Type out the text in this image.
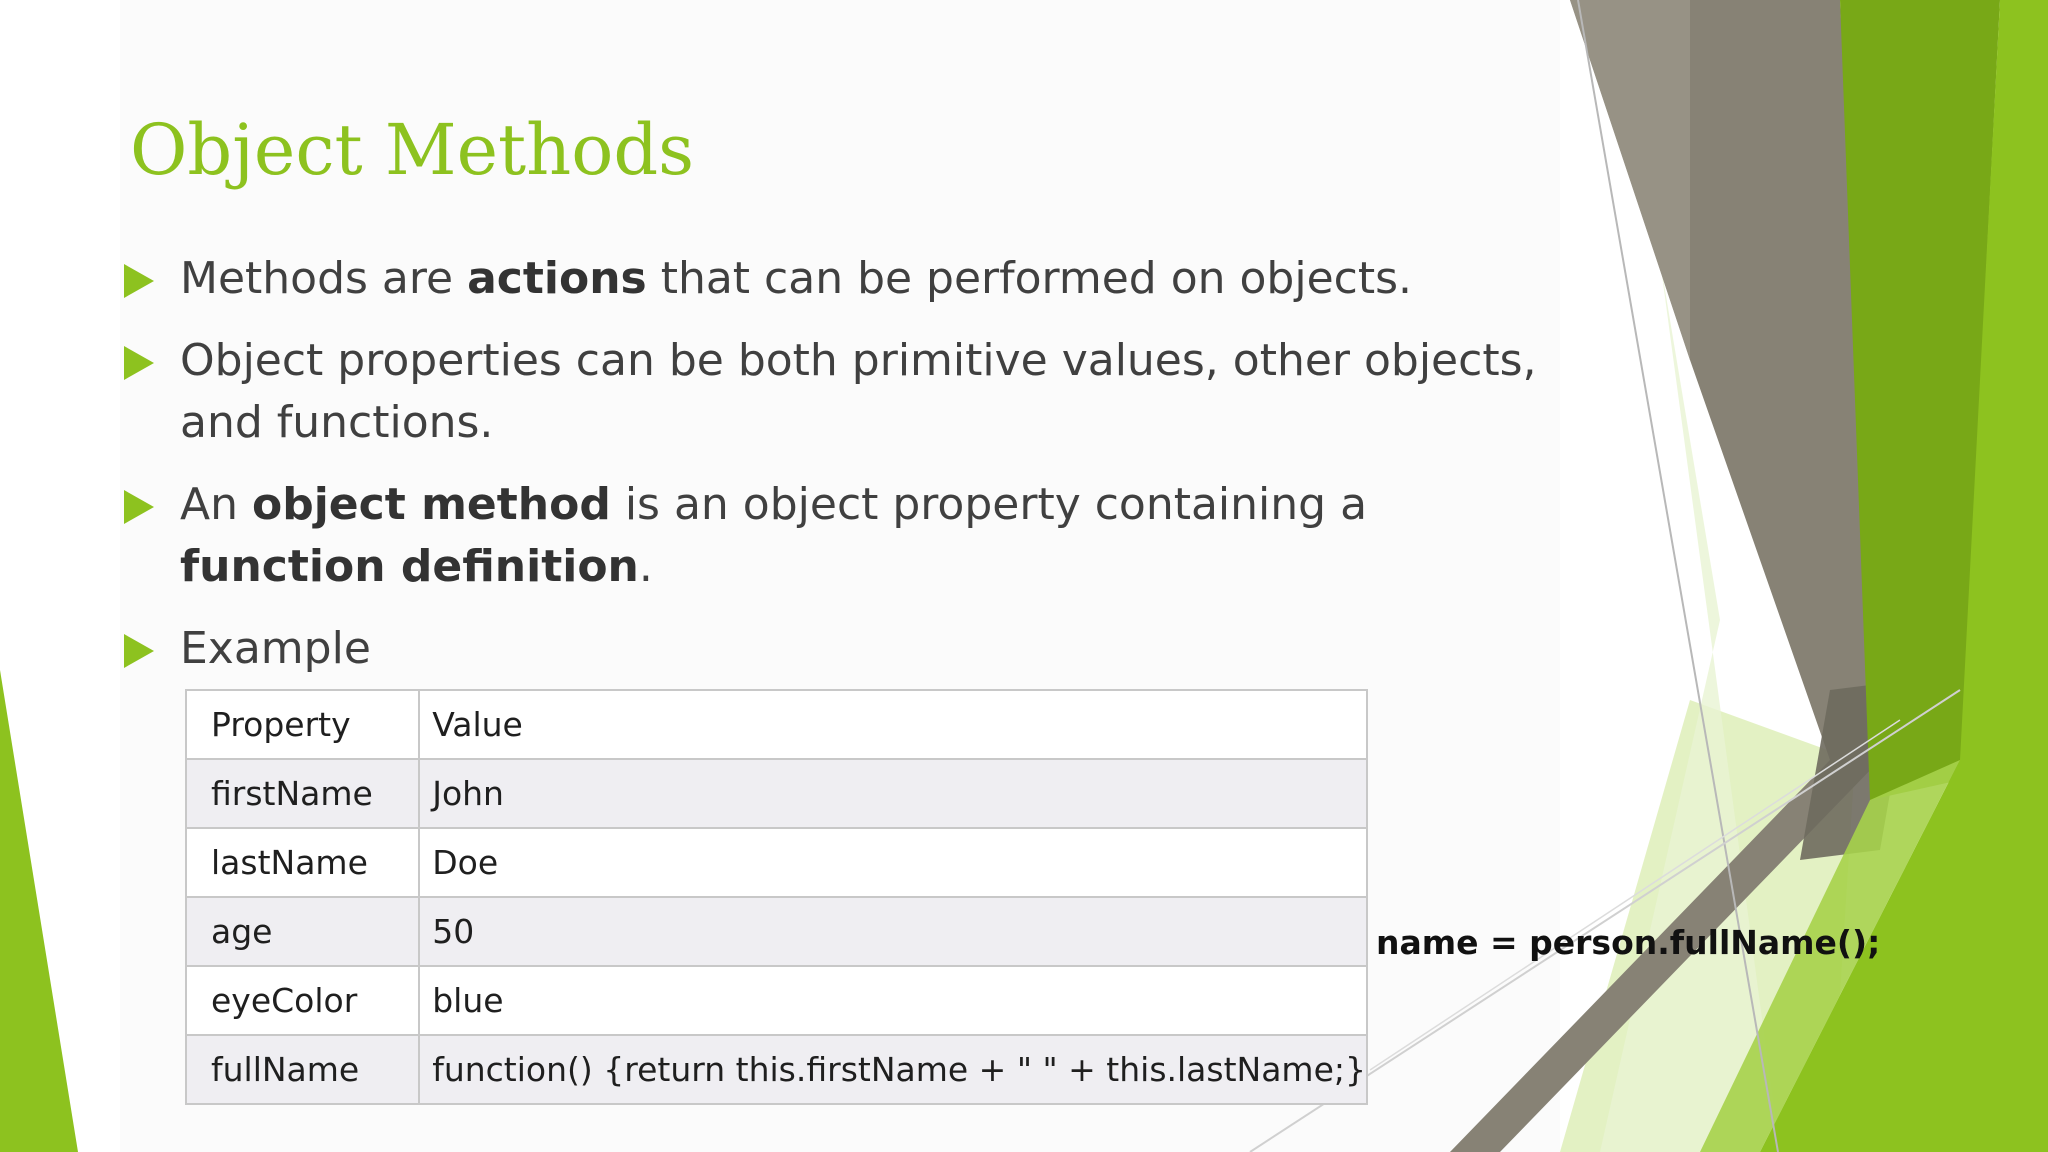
Object Methods
Methods are actions that can be performed on objects.
Object properties can be both primitive values, other objects, and functions.
An object method is an object property containing a function definition.
Example
Property	Value
firstName	John
lastName	Doe
age	50
eyeColor	blue
fullName	function() {return this.firstName + " " + this.lastName;}
name = person.fullName();
